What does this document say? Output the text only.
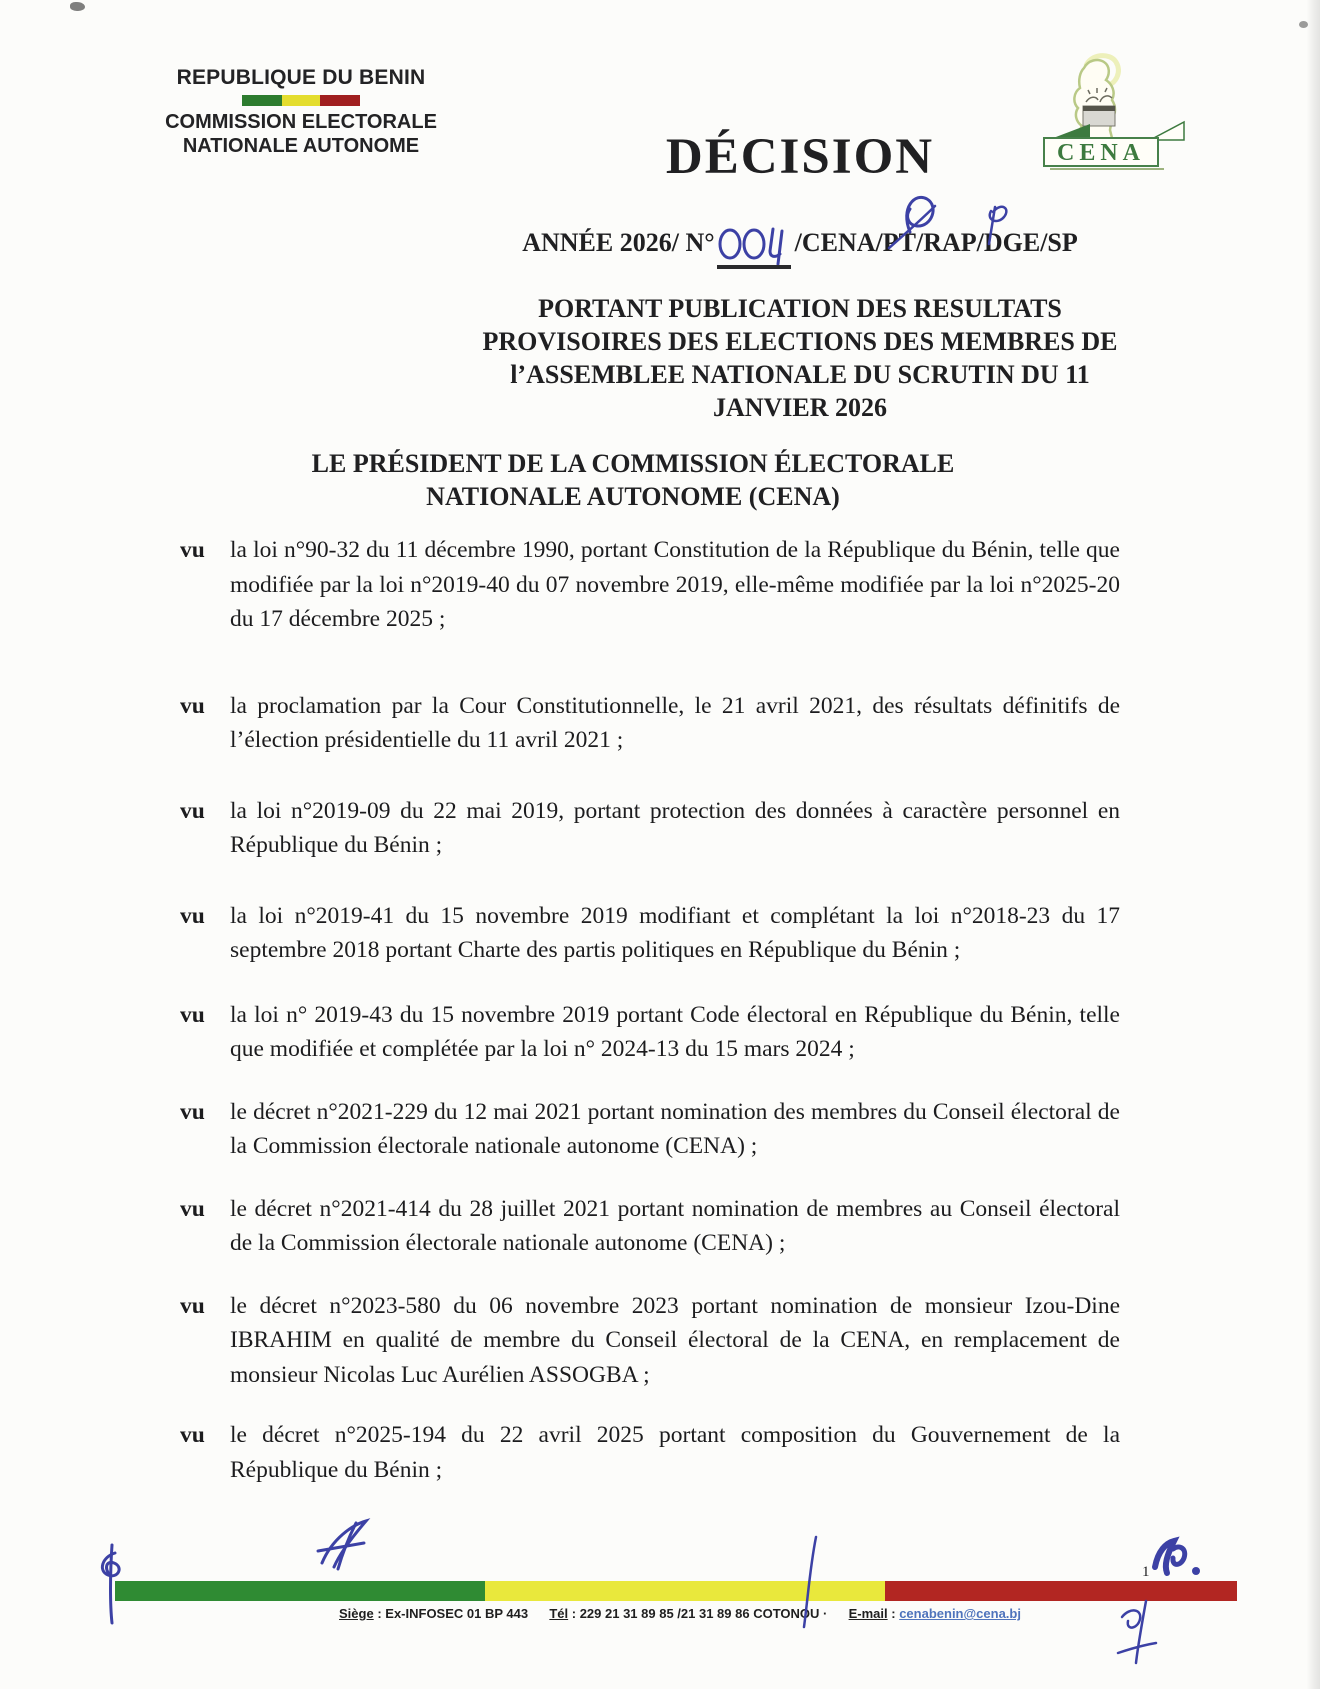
REPUBLIQUE DU BENIN
COMMISSION ELECTORALE
NATIONALE AUTONOME	CENA
DÉCISION
ANNÉE 2026/ N°	/CENA/PT/RAP/DGE/SP
PORTANT PUBLICATION DES RESULTATS
PROVISOIRES DES ELECTIONS DES MEMBRES DE
l’ASSEMBLEE NATIONALE DU SCRUTIN DU 11
JANVIER 2026
LE PRÉSIDENT DE LA COMMISSION ÉLECTORALE
NATIONALE AUTONOME (CENA)
vu	la loi n°90-32 du 11 décembre 1990, portant Constitution de la République du Bénin, telle que modifiée par la loi n°2019-40 du 07 novembre 2019, elle-même modifiée par la loi n°2025-20 du 17 décembre 2025 ;
vu	la proclamation par la Cour Constitutionnelle, le 21 avril 2021, des résultats définitifs de l’élection présidentielle du 11 avril 2021 ;
vu	la loi n°2019-09 du 22 mai 2019, portant protection des données à caractère personnel en République du Bénin ;
vu	la loi n°2019-41 du 15 novembre 2019 modifiant et complétant la loi n°2018-23 du 17 septembre 2018 portant Charte des partis politiques en République du Bénin ;
vu	la loi n° 2019-43 du 15 novembre 2019 portant Code électoral en République du Bénin, telle que modifiée et complétée par la loi n° 2024-13 du 15 mars 2024 ;
vu	le décret n°2021-229 du 12 mai 2021 portant nomination des membres du Conseil électoral de la Commission électorale nationale autonome (CENA) ;
vu	le décret n°2021-414 du 28 juillet 2021 portant nomination de membres au Conseil électoral de la Commission électorale nationale autonome (CENA) ;
vu	le décret n°2023-580 du 06 novembre 2023 portant nomination de monsieur Izou-Dine IBRAHIM en qualité de membre du Conseil électoral de la CENA, en remplacement de monsieur Nicolas Luc Aurélien ASSOGBA ;
vu	le décret n°2025-194 du 22 avril 2025 portant composition du Gouvernement de la République du Bénin ;
1
Siège : Ex-INFOSEC 01 BP 443 Tél : 229 21 31 89 85 /21 31 89 86 COTONOU · E-mail : cenabenin@cena.bj
